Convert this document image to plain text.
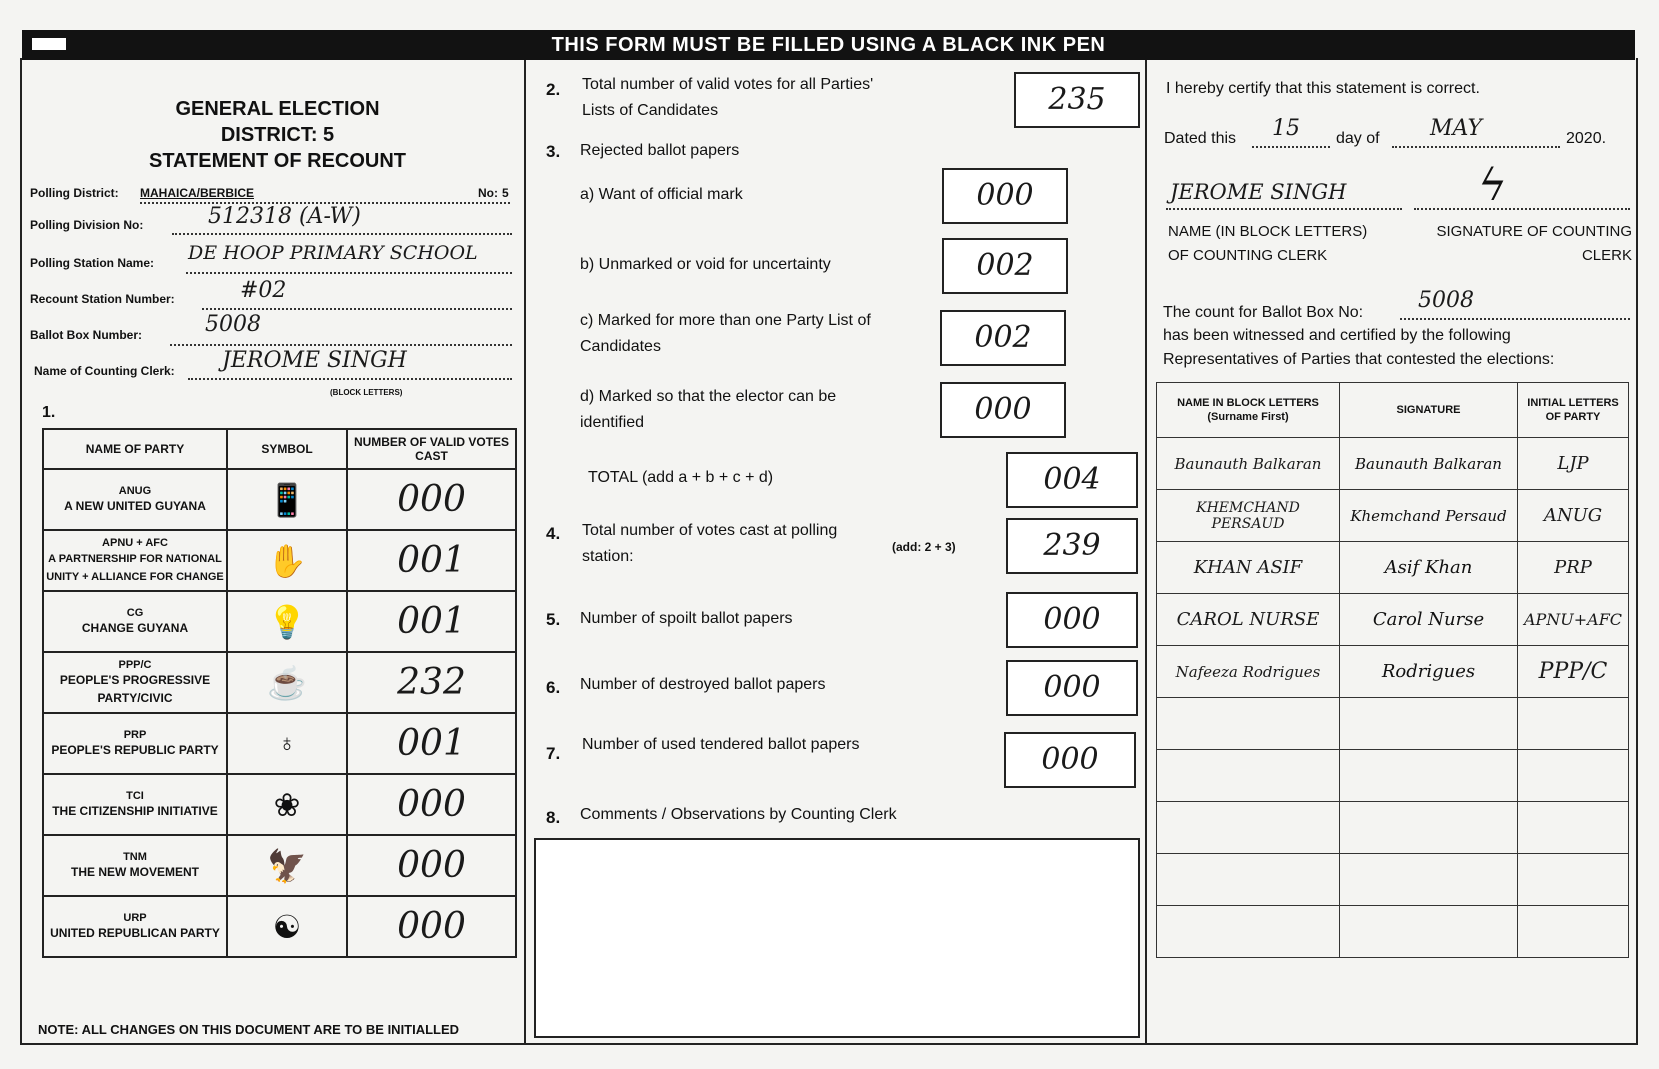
THIS FORM MUST BE FILLED USING A BLACK INK PEN
GENERAL ELECTION
DISTRICT: 5
STATEMENT OF RECOUNT
Polling District: MAHAICA/BERBICE	No: 5
Polling Division No:	512318 (A-W)
Polling Station Name: DE HOOP PRIMARY SCHOOL
Recount Station Number:	#02
Ballot Box Number:	5008
Name of Counting Clerk: JEROME SINGH
(BLOCK LETTERS)
1.
NAME OF PARTY	SYMBOL	NUMBER OF VALID VOTES CAST

ANUG
A NEW UNITED GUYANA	📱	000

APNU + AFC
A PARTNERSHIP FOR NATIONAL UNITY + ALLIANCE FOR CHANGE	✋	001

CG
CHANGE GUYANA	💡	001

PPP/C
PEOPLE'S PROGRESSIVE PARTY/CIVIC	☕	232

PRP
PEOPLE'S REPUBLIC PARTY	♁	001

TCI
THE CITIZENSHIP INITIATIVE	❀	000

TNM
THE NEW MOVEMENT	🦅	000

URP
UNITED REPUBLICAN PARTY	☯	000
NOTE: ALL CHANGES ON THIS DOCUMENT ARE TO BE INITIALLED
2. Total number of valid votes for all Parties' Lists of Candidates	235
3. Rejected ballot papers
a) Want of official mark	000
b) Unmarked or void for uncertainty	002
c) Marked for more than one Party List of Candidates	002
d) Marked so that the elector can be identified	000
TOTAL (add a + b + c + d)	004
4. Total number of votes cast at polling station:
(add: 2 + 3)	239
5. Number of spoilt ballot papers	000
6. Number of destroyed ballot papers	000
7. Number of used tendered ballot papers	000
8. Comments / Observations by Counting Clerk
I hereby certify that this statement is correct.
Dated this 15 day of MAY	2020.
JEROME SINGH	ϟ
NAME (IN BLOCK LETTERS) OF COUNTING CLERK
SIGNATURE OF COUNTING CLERK
The count for Ballot Box No: 5008
has been witnessed and certified by the following Representatives of Parties that contested the elections:
NAME IN BLOCK LETTERS (Surname First)	SIGNATURE	INITIAL LETTERS OF PARTY
Baunauth Balkaran	Baunauth Balkaran	LJP
KHEMCHAND PERSAUD	Khemchand Persaud	ANUG
KHAN ASIF	Asif Khan	PRP
CAROL NURSE	Carol Nurse	APNU+AFC
Nafeeza Rodrigues	Rodrigues	PPP/C
